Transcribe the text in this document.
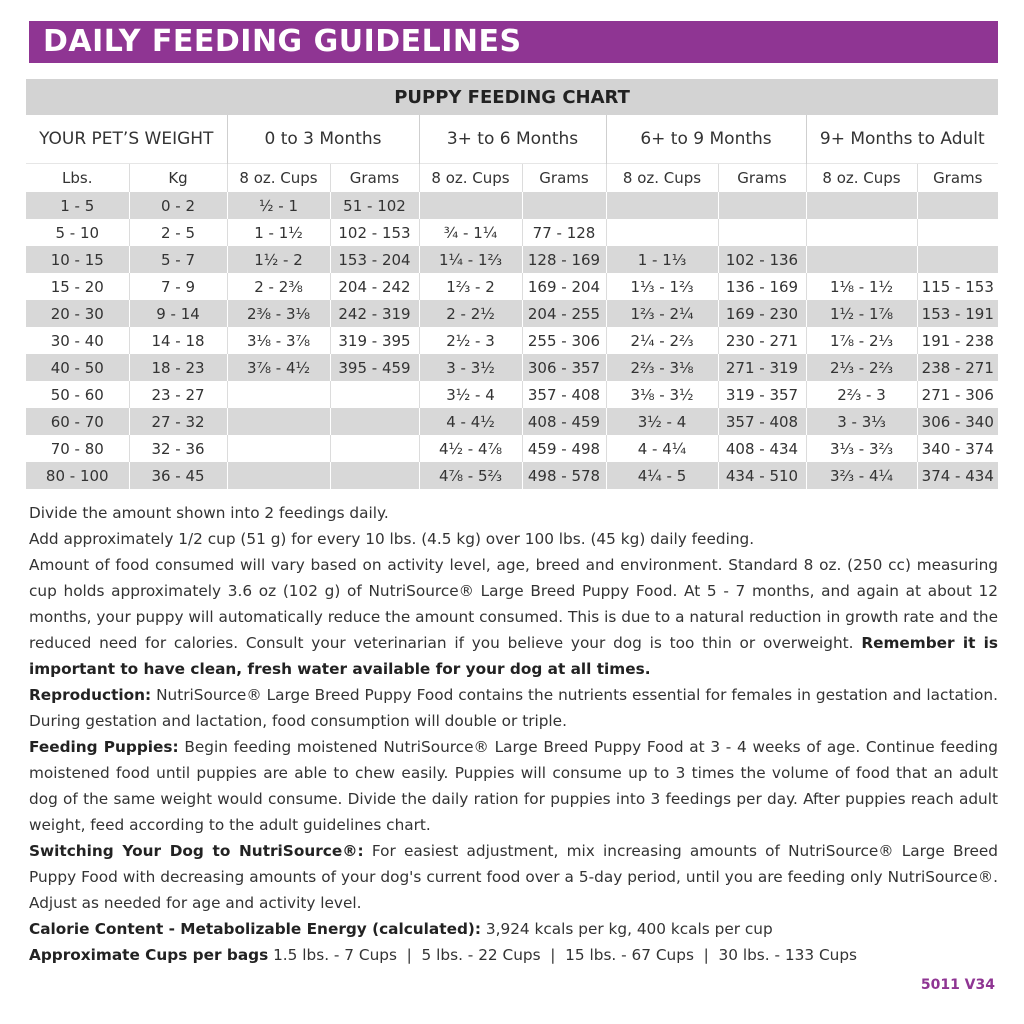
DAILY FEEDING GUIDELINES
PUPPY FEEDING CHART									
YOUR PET’S WEIGHT		0 to 3 Months		3+ to 6 Months		6+ to 9 Months		9+ Months to Adult	
Lbs.	Kg	8 oz. Cups	Grams	8 oz. Cups	Grams	8 oz. Cups	Grams	8 oz. Cups	Grams
1 - 5	0 - 2	½ - 1	51 - 102						
5 - 10	2 - 5	1 - 1½	102 - 153	¾ - 1¼	77 - 128				
10 - 15	5 - 7	1½ - 2	153 - 204	1¼ - 1⅔	128 - 169	1 - 1⅓	102 - 136		
15 - 20	7 - 9	2 - 2⅜	204 - 242	1⅔ - 2	169 - 204	1⅓ - 1⅔	136 - 169	1⅛ - 1½	115 - 153
20 - 30	9 - 14	2⅜ - 3⅛	242 - 319	2 - 2½	204 - 255	1⅔ - 2¼	169 - 230	1½ - 1⅞	153 - 191
30 - 40	14 - 18	3⅛ - 3⅞	319 - 395	2½ - 3	255 - 306	2¼ - 2⅔	230 - 271	1⅞ - 2⅓	191 - 238
40 - 50	18 - 23	3⅞ - 4½	395 - 459	3 - 3½	306 - 357	2⅔ - 3⅛	271 - 319	2⅓ - 2⅔	238 - 271
50 - 60	23 - 27			3½ - 4	357 - 408	3⅛ - 3½	319 - 357	2⅔ - 3	271 - 306
60 - 70	27 - 32			4 - 4½	408 - 459	3½ - 4	357 - 408	3 - 3⅓	306 - 340
70 - 80	32 - 36			4½ - 4⅞	459 - 498	4 - 4¼	408 - 434	3⅓ - 3⅔	340 - 374
80 - 100	36 - 45			4⅞ - 5⅔	498 - 578	4¼ - 5	434 - 510	3⅔ - 4¼	374 - 434

Divide the amount shown into 2 feedings daily.

Add approximately 1/2 cup (51 g) for every 10 lbs. (4.5 kg) over 100 lbs. (45 kg) daily feeding.

Amount of food consumed will vary based on activity level, age, breed and environment. Standard 8 oz. (250 cc) measuring cup holds approximately 3.6 oz (102 g) of NutriSource® Large Breed Puppy Food. At 5 - 7 months, and again at about 12 months, your puppy will automatically reduce the amount consumed. This is due to a natural reduction in growth rate and the reduced need for calories. Consult your veterinarian if you believe your dog is too thin or overweight. Remember it is important to have clean, fresh water available for your dog at all times.

Reproduction: NutriSource® Large Breed Puppy Food contains the nutrients essential for females in gestation and lactation. During gestation and lactation, food consumption will double or triple.

Feeding Puppies: Begin feeding moistened NutriSource® Large Breed Puppy Food at 3 - 4 weeks of age. Continue feeding moistened food until puppies are able to chew easily. Puppies will consume up to 3 times the volume of food that an adult dog of the same weight would consume. Divide the daily ration for puppies into 3 feedings per day. After puppies reach adult weight, feed according to the adult guidelines chart.

Switching Your Dog to NutriSource®: For easiest adjustment, mix increasing amounts of NutriSource® Large Breed Puppy Food with decreasing amounts of your dog's current food over a 5-day period, until you are feeding only NutriSource®. Adjust as needed for age and activity level.

Calorie Content - Metabolizable Energy (calculated): 3,924 kcals per kg, 400 kcals per cup

Approximate Cups per bags 1.5 lbs. - 7 Cups  |  5 lbs. - 22 Cups  |  15 lbs. - 67 Cups  |  30 lbs. - 133 Cups

5011 V34
